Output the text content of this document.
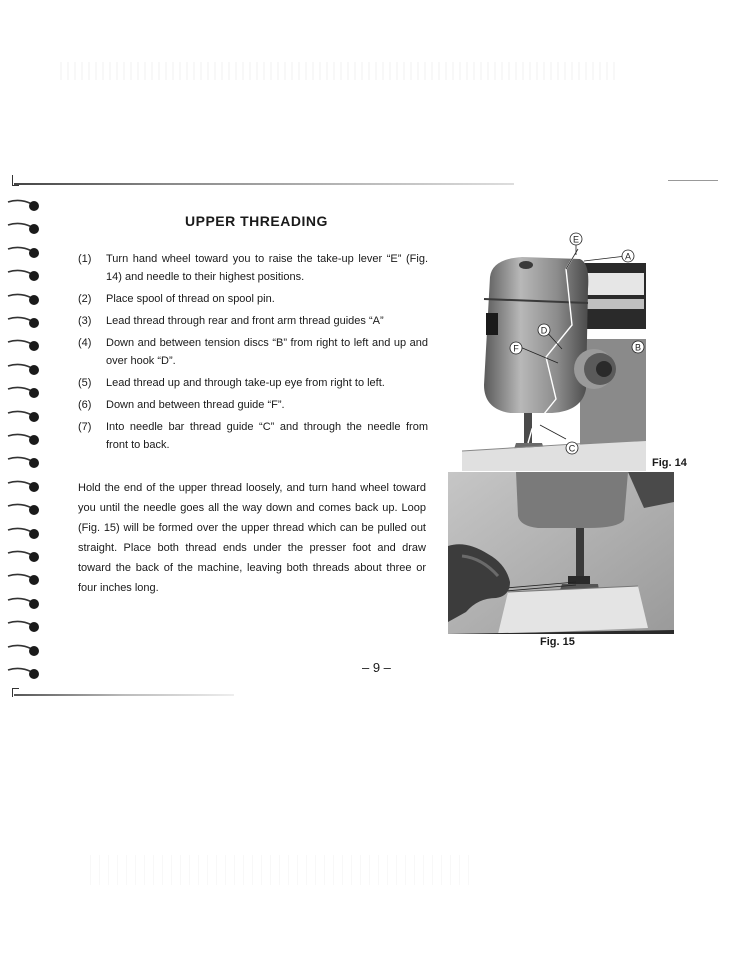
UPPER THREADING
(1)	Turn hand wheel toward you to raise the take-up lever “E” (Fig. 14) and needle to their highest positions.
(2)	Place spool of thread on spool pin.
(3)	Lead thread through rear and front arm thread guides “A”
(4)	Down and between tension discs “B” from right to left and up and over hook “D”.
(5)	Lead thread up and through take-up eye from right to left.
(6)	Down and between thread guide “F”.
(7)	Into needle bar thread guide “C” and through the needle from front to back.

Hold the end of the upper thread loosely, and turn hand wheel toward you until the needle goes all the way down and comes back up. Loop (Fig. 15) will be formed over the upper thread which can be pulled out straight. Place both thread ends under the presser foot and draw toward the back of the machine, leaving both threads about three or four inches long.

E
A
D
F	B
C
Fig. 14
Fig. 15
– 9 –
